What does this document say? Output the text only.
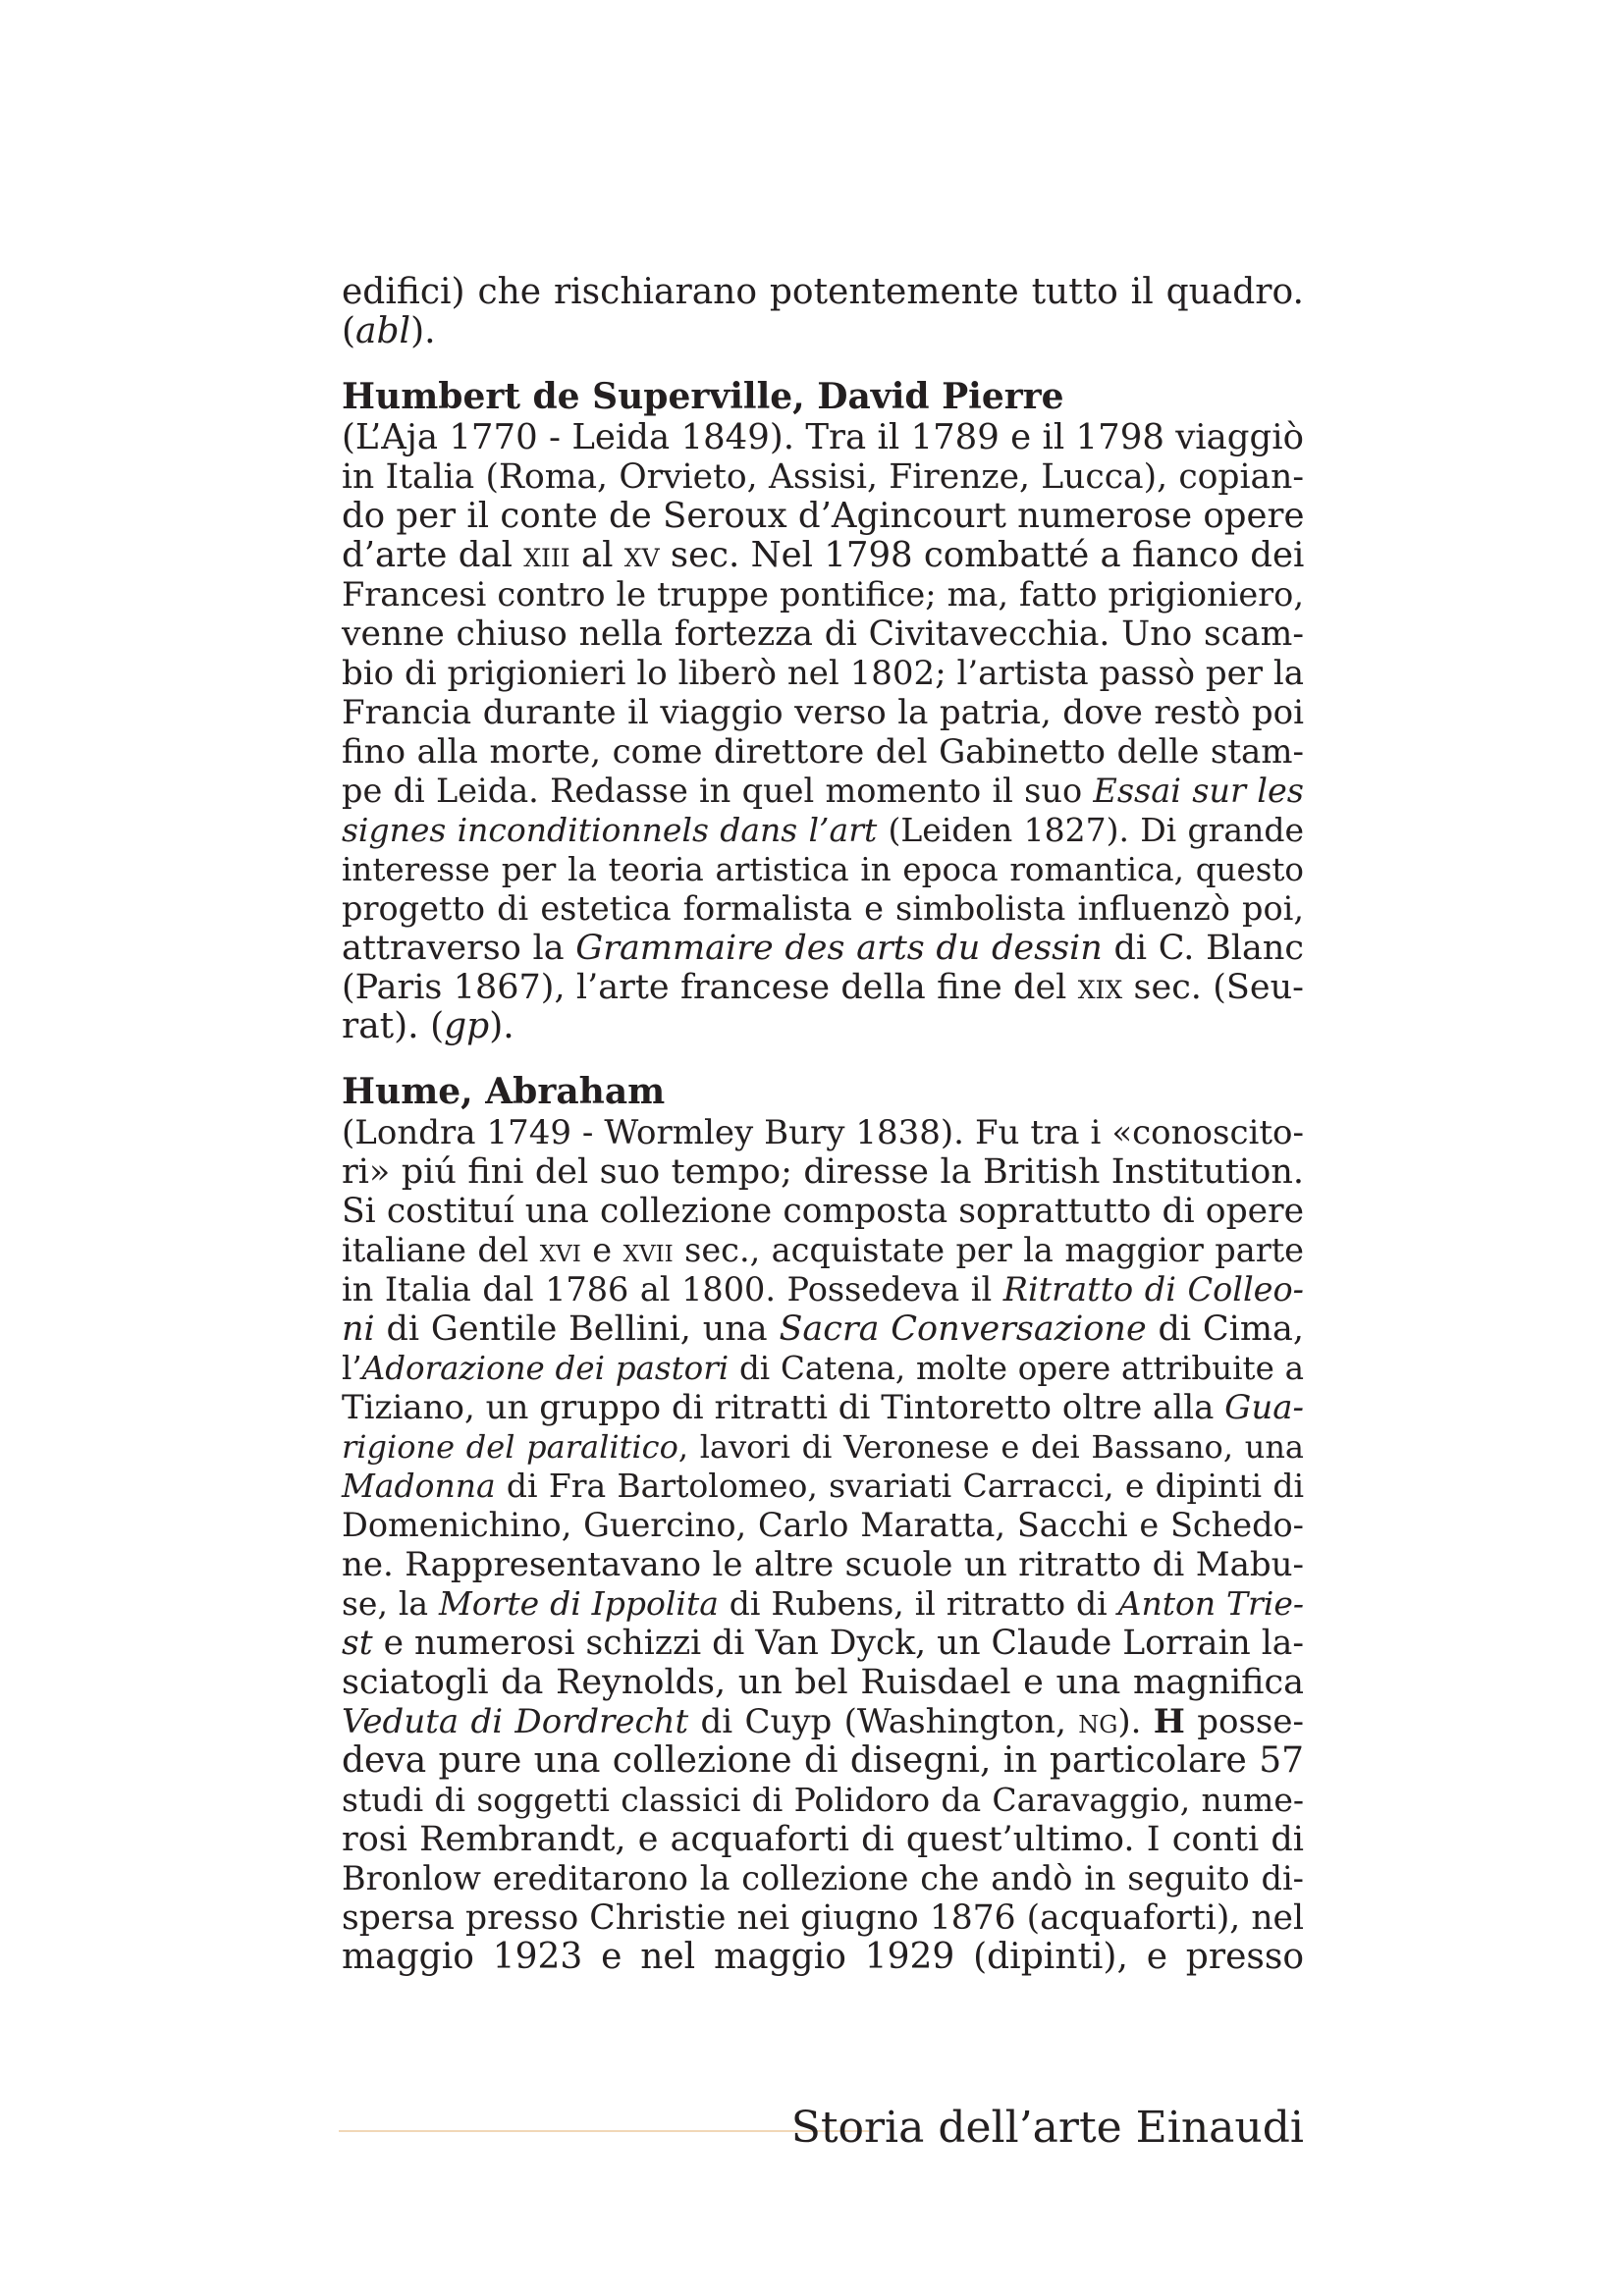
edifici) che rischiarano potentemente tutto il quadro.
(abl).
Humbert de Superville, David Pierre
(L’Aja 1770 - Leida 1849). Tra il 1789 e il 1798 viaggiò
in Italia (Roma, Orvieto, Assisi, Firenze, Lucca), copian-
do per il conte de Seroux d’Agincourt numerose opere
d’arte dal xiii al xv sec. Nel 1798 combatté a fianco dei
Francesi contro le truppe pontifice; ma, fatto prigioniero,
venne chiuso nella fortezza di Civitavecchia. Uno scam-
bio di prigionieri lo liberò nel 1802; l’artista passò per la
Francia durante il viaggio verso la patria, dove restò poi
fino alla morte, come direttore del Gabinetto delle stam-
pe di Leida. Redasse in quel momento il suo Essai sur les
signes inconditionnels dans l’art (Leiden 1827). Di grande
interesse per la teoria artistica in epoca romantica, questo
progetto di estetica formalista e simbolista influenzò poi,
attraverso la Grammaire des arts du dessin di C. Blanc
(Paris 1867), l’arte francese della fine del xix sec. (Seu-
rat). (gp).
Hume, Abraham
(Londra 1749 - Wormley Bury 1838). Fu tra i «conoscito-
ri» piú fini del suo tempo; diresse la British Institution.
Si costituí una collezione composta soprattutto di opere
italiane del xvi e xvii sec., acquistate per la maggior parte
in Italia dal 1786 al 1800. Possedeva il Ritratto di Colleo-
ni di Gentile Bellini, una Sacra Conversazione di Cima,
l’Adorazione dei pastori di Catena, molte opere attribuite a
Tiziano, un gruppo di ritratti di Tintoretto oltre alla Gua-
rigione del paralitico, lavori di Veronese e dei Bassano, una
Madonna di Fra Bartolomeo, svariati Carracci, e dipinti di
Domenichino, Guercino, Carlo Maratta, Sacchi e Schedo-
ne. Rappresentavano le altre scuole un ritratto di Mabu-
se, la Morte di Ippolita di Rubens, il ritratto di Anton Trie-
st e numerosi schizzi di Van Dyck, un Claude Lorrain la-
sciatogli da Reynolds, un bel Ruisdael e una magnifica
Veduta di Dordrecht di Cuyp (Washington, ng). H posse-
deva pure una collezione di disegni, in particolare 57
studi di soggetti classici di Polidoro da Caravaggio, nume-
rosi Rembrandt, e acquaforti di quest’ultimo. I conti di
Bronlow ereditarono la collezione che andò in seguito di-
spersa presso Christie nei giugno 1876 (acquaforti), nel
maggio 1923 e nel maggio 1929 (dipinti), e presso
Storia dell’arte Einaudi
